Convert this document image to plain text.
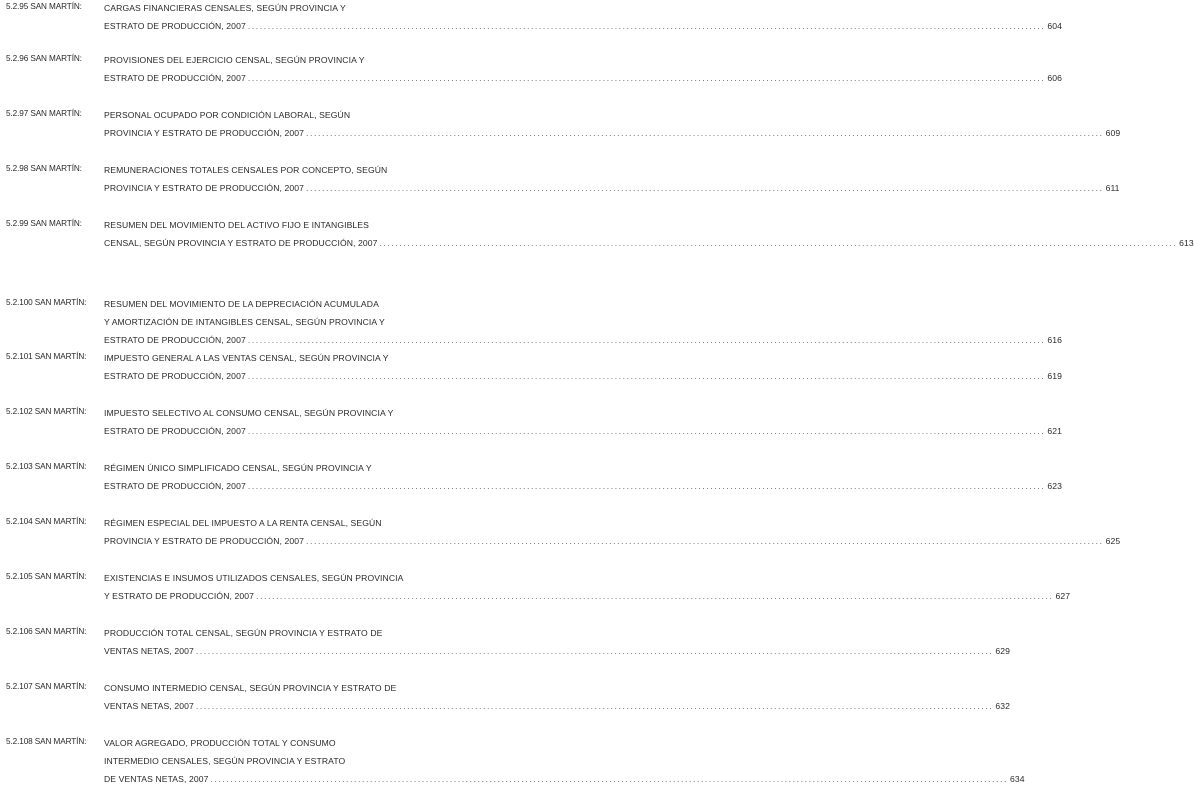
5.2.95 SAN MARTÍN:	CARGAS FINANCIERAS CENSALES, SEGÚN PROVINCIA Y
ESTRATO DE PRODUCCIÓN, 2007 ........................................................................................................................................................................................................ 604
5.2.96 SAN MARTÍN:	PROVISIONES DEL EJERCICIO CENSAL, SEGÚN PROVINCIA Y
ESTRATO DE PRODUCCIÓN, 2007 ........................................................................................................................................................................................................ 606
5.2.97 SAN MARTÍN:	PERSONAL OCUPADO POR CONDICIÓN LABORAL, SEGÚN
PROVINCIA Y ESTRATO DE PRODUCCIÓN, 2007 ........................................................................................................................................................................................................ 609
5.2.98 SAN MARTÍN:	REMUNERACIONES TOTALES CENSALES POR CONCEPTO, SEGÚN
PROVINCIA Y ESTRATO DE PRODUCCIÓN, 2007 ........................................................................................................................................................................................................ 611
5.2.99 SAN MARTÍN:	RESUMEN DEL MOVIMIENTO DEL ACTIVO FIJO E INTANGIBLES
CENSAL, SEGÚN PROVINCIA Y ESTRATO DE PRODUCCIÓN, 2007 ........................................................................................................................................................................................................ 613
5.2.100 SAN MARTÍN:	RESUMEN DEL MOVIMIENTO DE LA DEPRECIACIÓN ACUMULADA
Y AMORTIZACIÓN DE INTANGIBLES CENSAL, SEGÚN PROVINCIA Y
ESTRATO DE PRODUCCIÓN, 2007 ........................................................................................................................................................................................................ 616
5.2.101 SAN MARTÍN:	IMPUESTO GENERAL A LAS VENTAS CENSAL, SEGÚN PROVINCIA Y
ESTRATO DE PRODUCCIÓN, 2007 ........................................................................................................................................................................................................ 619
5.2.102 SAN MARTÍN:	IMPUESTO SELECTIVO AL CONSUMO CENSAL, SEGÚN PROVINCIA Y
ESTRATO DE PRODUCCIÓN, 2007 ........................................................................................................................................................................................................ 621
5.2.103 SAN MARTÍN:	RÉGIMEN ÚNICO SIMPLIFICADO CENSAL, SEGÚN PROVINCIA Y
ESTRATO DE PRODUCCIÓN, 2007 ........................................................................................................................................................................................................ 623
5.2.104 SAN MARTÍN:	RÉGIMEN ESPECIAL DEL IMPUESTO A LA RENTA CENSAL, SEGÚN
PROVINCIA Y ESTRATO DE PRODUCCIÓN, 2007 ........................................................................................................................................................................................................ 625
5.2.105 SAN MARTÍN:	EXISTENCIAS E INSUMOS UTILIZADOS CENSALES, SEGÚN PROVINCIA
Y ESTRATO DE PRODUCCIÓN, 2007 ........................................................................................................................................................................................................ 627
5.2.106 SAN MARTÍN:	PRODUCCIÓN TOTAL CENSAL, SEGÚN PROVINCIA Y ESTRATO DE
VENTAS NETAS, 2007 ........................................................................................................................................................................................................ 629
5.2.107 SAN MARTÍN:	CONSUMO INTERMEDIO CENSAL, SEGÚN PROVINCIA Y ESTRATO DE
VENTAS NETAS, 2007 ........................................................................................................................................................................................................ 632
5.2.108 SAN MARTÍN:	VALOR AGREGADO, PRODUCCIÓN TOTAL Y CONSUMO
INTERMEDIO CENSALES, SEGÚN PROVINCIA Y ESTRATO
DE VENTAS NETAS, 2007 ........................................................................................................................................................................................................ 634
